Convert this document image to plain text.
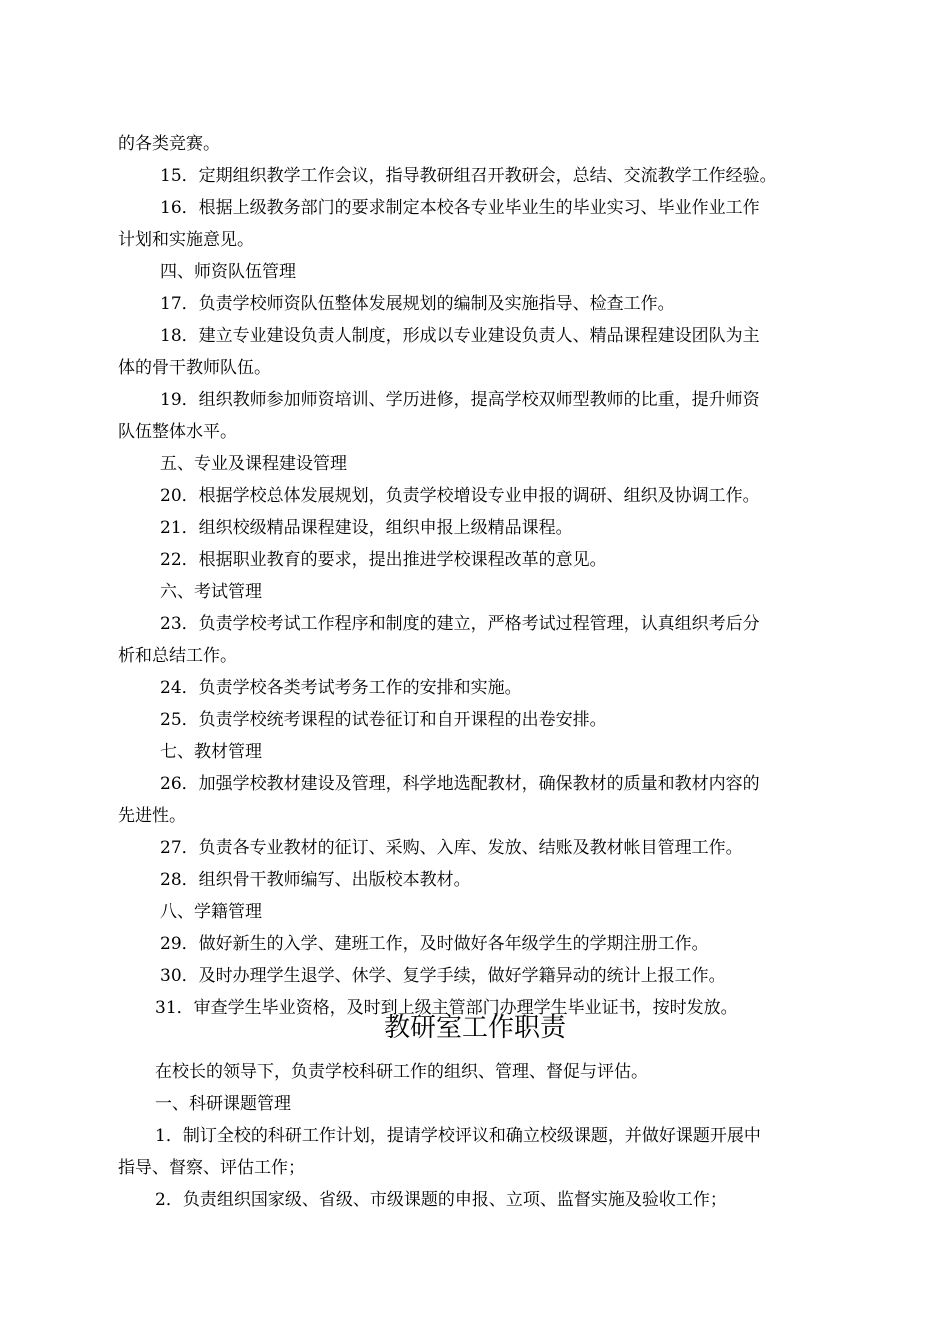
的各类竞赛。
15．定期组织教学工作会议，指导教研组召开教研会，总结、交流教学工作经验。
16．根据上级教务部门的要求制定本校各专业毕业生的毕业实习、毕业作业工作
计划和实施意见。
四、师资队伍管理
17．负责学校师资队伍整体发展规划的编制及实施指导、检查工作。
18．建立专业建设负责人制度，形成以专业建设负责人、精品课程建设团队为主
体的骨干教师队伍。
19．组织教师参加师资培训、学历进修，提高学校双师型教师的比重，提升师资
队伍整体水平。
五、专业及课程建设管理
20．根据学校总体发展规划，负责学校增设专业申报的调研、组织及协调工作。
21．组织校级精品课程建设，组织申报上级精品课程。
22．根据职业教育的要求，提出推进学校课程改革的意见。
六、考试管理
23．负责学校考试工作程序和制度的建立，严格考试过程管理，认真组织考后分
析和总结工作。
24．负责学校各类考试考务工作的安排和实施。
25．负责学校统考课程的试卷征订和自开课程的出卷安排。
七、教材管理
26．加强学校教材建设及管理，科学地选配教材，确保教材的质量和教材内容的
先进性。
27．负责各专业教材的征订、采购、入库、发放、结账及教材帐目管理工作。
28．组织骨干教师编写、出版校本教材。
八、学籍管理
29．做好新生的入学、建班工作，及时做好各年级学生的学期注册工作。
30．及时办理学生退学、休学、复学手续，做好学籍异动的统计上报工作。
31．审查学生毕业资格，及时到上级主管部门办理学生毕业证书，按时发放。
教研室工作职责
在校长的领导下，负责学校科研工作的组织、管理、督促与评估。
一、科研课题管理
1．制订全校的科研工作计划，提请学校评议和确立校级课题，并做好课题开展中
指导、督察、评估工作；
2．负责组织国家级、省级、市级课题的申报、立项、监督实施及验收工作；
